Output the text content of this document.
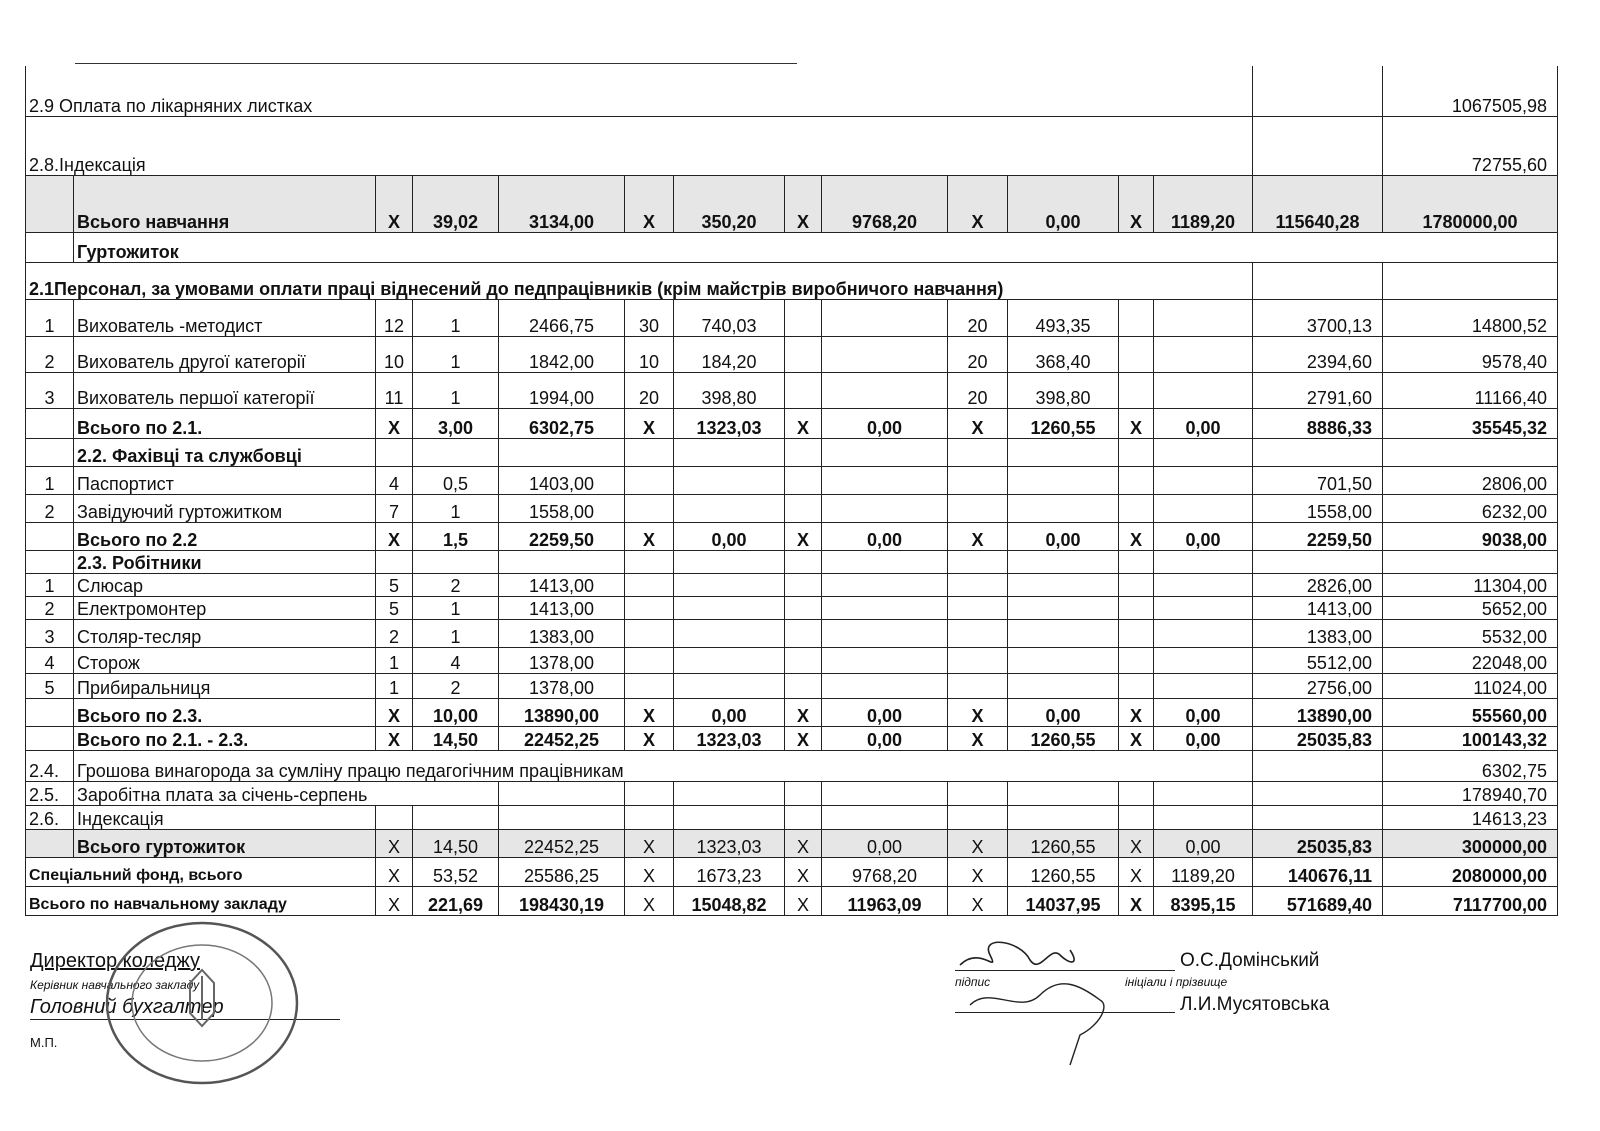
2.9 Оплата по лікарняних листках														1067505,98
2.8.Індексація														72755,60
	Всього навчання	X	39,02	3134,00	X	350,20	X	9768,20	X	0,00	X	1189,20	115640,28	1780000,00
	Гуртожиток													
2.1Персонал, за умовами оплати праці віднесений до педпрацівників (крім майстрів виробничого навчання)														
1	Вихователь -методист	12	1	2466,75	30	740,03			20	493,35			3700,13	14800,52
2	Вихователь другої категорії	10	1	1842,00	10	184,20			20	368,40			2394,60	9578,40
3	Вихователь першої категорії	11	1	1994,00	20	398,80			20	398,80			2791,60	11166,40
	Всього по 2.1.	X	3,00	6302,75	X	1323,03	X	0,00	X	1260,55	X	0,00	8886,33	35545,32
	2.2. Фахівці та службовці													
1	Паспортист	4	0,5	1403,00									701,50	2806,00
2	Завідуючий гуртожитком	7	1	1558,00									1558,00	6232,00
	Всього по 2.2	X	1,5	2259,50	X	0,00	X	0,00	X	0,00	X	0,00	2259,50	9038,00
	2.3. Робітники													
1	Слюсар	5	2	1413,00									2826,00	11304,00
2	Електромонтер	5	1	1413,00									1413,00	5652,00
3	Столяр-тесляр	2	1	1383,00									1383,00	5532,00
4	Сторож	1	4	1378,00									5512,00	22048,00
5	Прибиральниця	1	2	1378,00									2756,00	11024,00
	Всього по 2.3.	X	10,00	13890,00	X	0,00	X	0,00	X	0,00	X	0,00	13890,00	55560,00
	Всього по 2.1. - 2.3.	X	14,50	22452,25	X	1323,03	X	0,00	X	1260,55	X	0,00	25035,83	100143,32
2.4.	Грошова винагорода за сумліну працю педагогічним працівникам													6302,75
2.5.	Заробітна плата за січень-серпень													178940,70
2.6.	Індексація													14613,23
	Всього гуртожиток	X	14,50	22452,25	X	1323,03	X	0,00	X	1260,55	X	0,00	25035,83	300000,00
Спеціальний фонд, всього		X	53,52	25586,25	X	1673,23	X	9768,20	X	1260,55	X	1189,20	140676,11	2080000,00
Всього по навчальному закладу		X	221,69	198430,19	X	15048,82	X	11963,09	X	14037,95	X	8395,15	571689,40	7117700,00
Директор коледжу
Керівник навчального закладу
Головний бухгалтер
М.П.
підпис	ініціали і прізвище
О.С.Домінський
Л.И.Мусятовська
